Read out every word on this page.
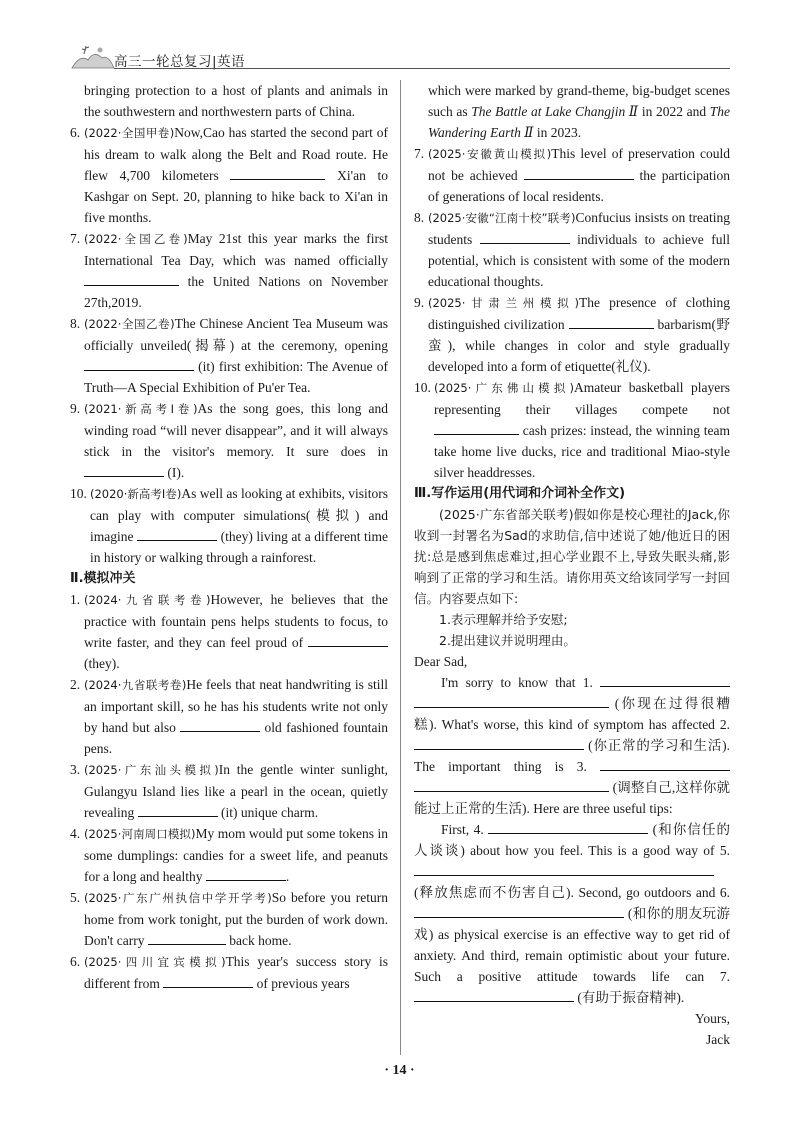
高三一轮总复习|英语

bringing protection to a host of plants and animals in the southwestern and northwestern parts of China.

6. (2022·全国甲卷)Now,Cao has started the second part of his dream to walk along the Belt and Road route. He flew 4,700 kilometers	Xi'an to Kashgar on Sept. 20, planning to hike back to Xi'an in five months.

7. (2022·全国乙卷)May 21st this year marks the first International Tea Day, which was named officially  the United Nations on November 27th,2019.

8. (2022·全国乙卷)The Chinese Ancient Tea Museum was officially unveiled(揭幕) at the ceremony, opening  (it) first exhibition: The Avenue of Truth—A Special Exhibition of Pu'er Tea.

9. (2021·新高考Ⅰ卷)As the song goes, this long and winding road “will never disappear”, and it will always stick in the visitor's memory. It sure does in  (I).

10. (2020·新高考Ⅰ卷)As well as looking at exhibits, visitors can play with computer simulations(模拟) and imagine	(they) living at a different time in history or walking through a rainforest.

Ⅱ.模拟冲关

1. (2024·九省联考卷)However, he believes that the practice with fountain pens helps students to focus, to write faster, and they can feel proud of  (they).

2. (2024·九省联考卷)He feels that neat handwriting is still an important skill, so he has his students write not only by hand but also	old fashioned fountain pens.

3. (2025·广东汕头模拟)In the gentle winter sunlight, Gulangyu Island lies like a pearl in the ocean, quietly revealing	(it) unique charm.

4. (2025·河南周口模拟)My mom would put some tokens in some dumplings: candies for a sweet life, and peanuts for a long and healthy	.

5. (2025·广东广州执信中学开学考)So before you return home from work tonight, put the burden of work down. Don't carry	back home.

6. (2025·四川宜宾模拟)This year's success story is different from	of previous years

which were marked by grand-theme, big-budget scenes such as The Battle at Lake Changjin Ⅱ in 2022 and The Wandering Earth Ⅱ in 2023.

7. (2025·安徽黄山模拟)This level of preservation could not be achieved	the participation of generations of local residents.

8. (2025·安徽“江南十校”联考)Confucius insists on treating students	individuals to achieve full potential, which is consistent with some of the modern educational thoughts.

9. (2025·甘肃兰州模拟)The presence of clothing distinguished civilization	barbarism(野蛮), while changes in color and style gradually developed into a form of etiquette(礼仪).

10. (2025·广东佛山模拟)Amateur basketball players representing their villages compete not  cash prizes: instead, the winning team take home live ducks, rice and traditional Miao-style silver headdresses.

Ⅲ.写作运用(用代词和介词补全作文)

(2025·广东省部关联考)假如你是校心理社的Jack,你收到一封署名为Sad的求助信,信中述说了她/他近日的困扰:总是感到焦虑难过,担心学业跟不上,导致失眠头痛,影响到了正常的学习和生活。请你用英文给该同学写一封回信。内容要点如下:

1.表示理解并给予安慰;

2.提出建议并说明理由。

Dear Sad,

I'm sorry to know that 1.   (你现在过得很糟糕). What's worse, this kind of symptom has affected 2.  (你正常的学习和生活). The important thing is 3.   (调整自己,这样你就能过上正常的生活). Here are three useful tips:

First, 4.	(和你信任的人谈谈) about how you feel. This is a good way of 5.  (释放焦虑而不伤害自己). Second, go outdoors and 6.  (和你的朋友玩游戏) as physical exercise is an effective way to get rid of anxiety. And third, remain optimistic about your future. Such a positive attitude towards life can 7.  (有助于振奋精神).

Yours,

Jack

· 14 ·
